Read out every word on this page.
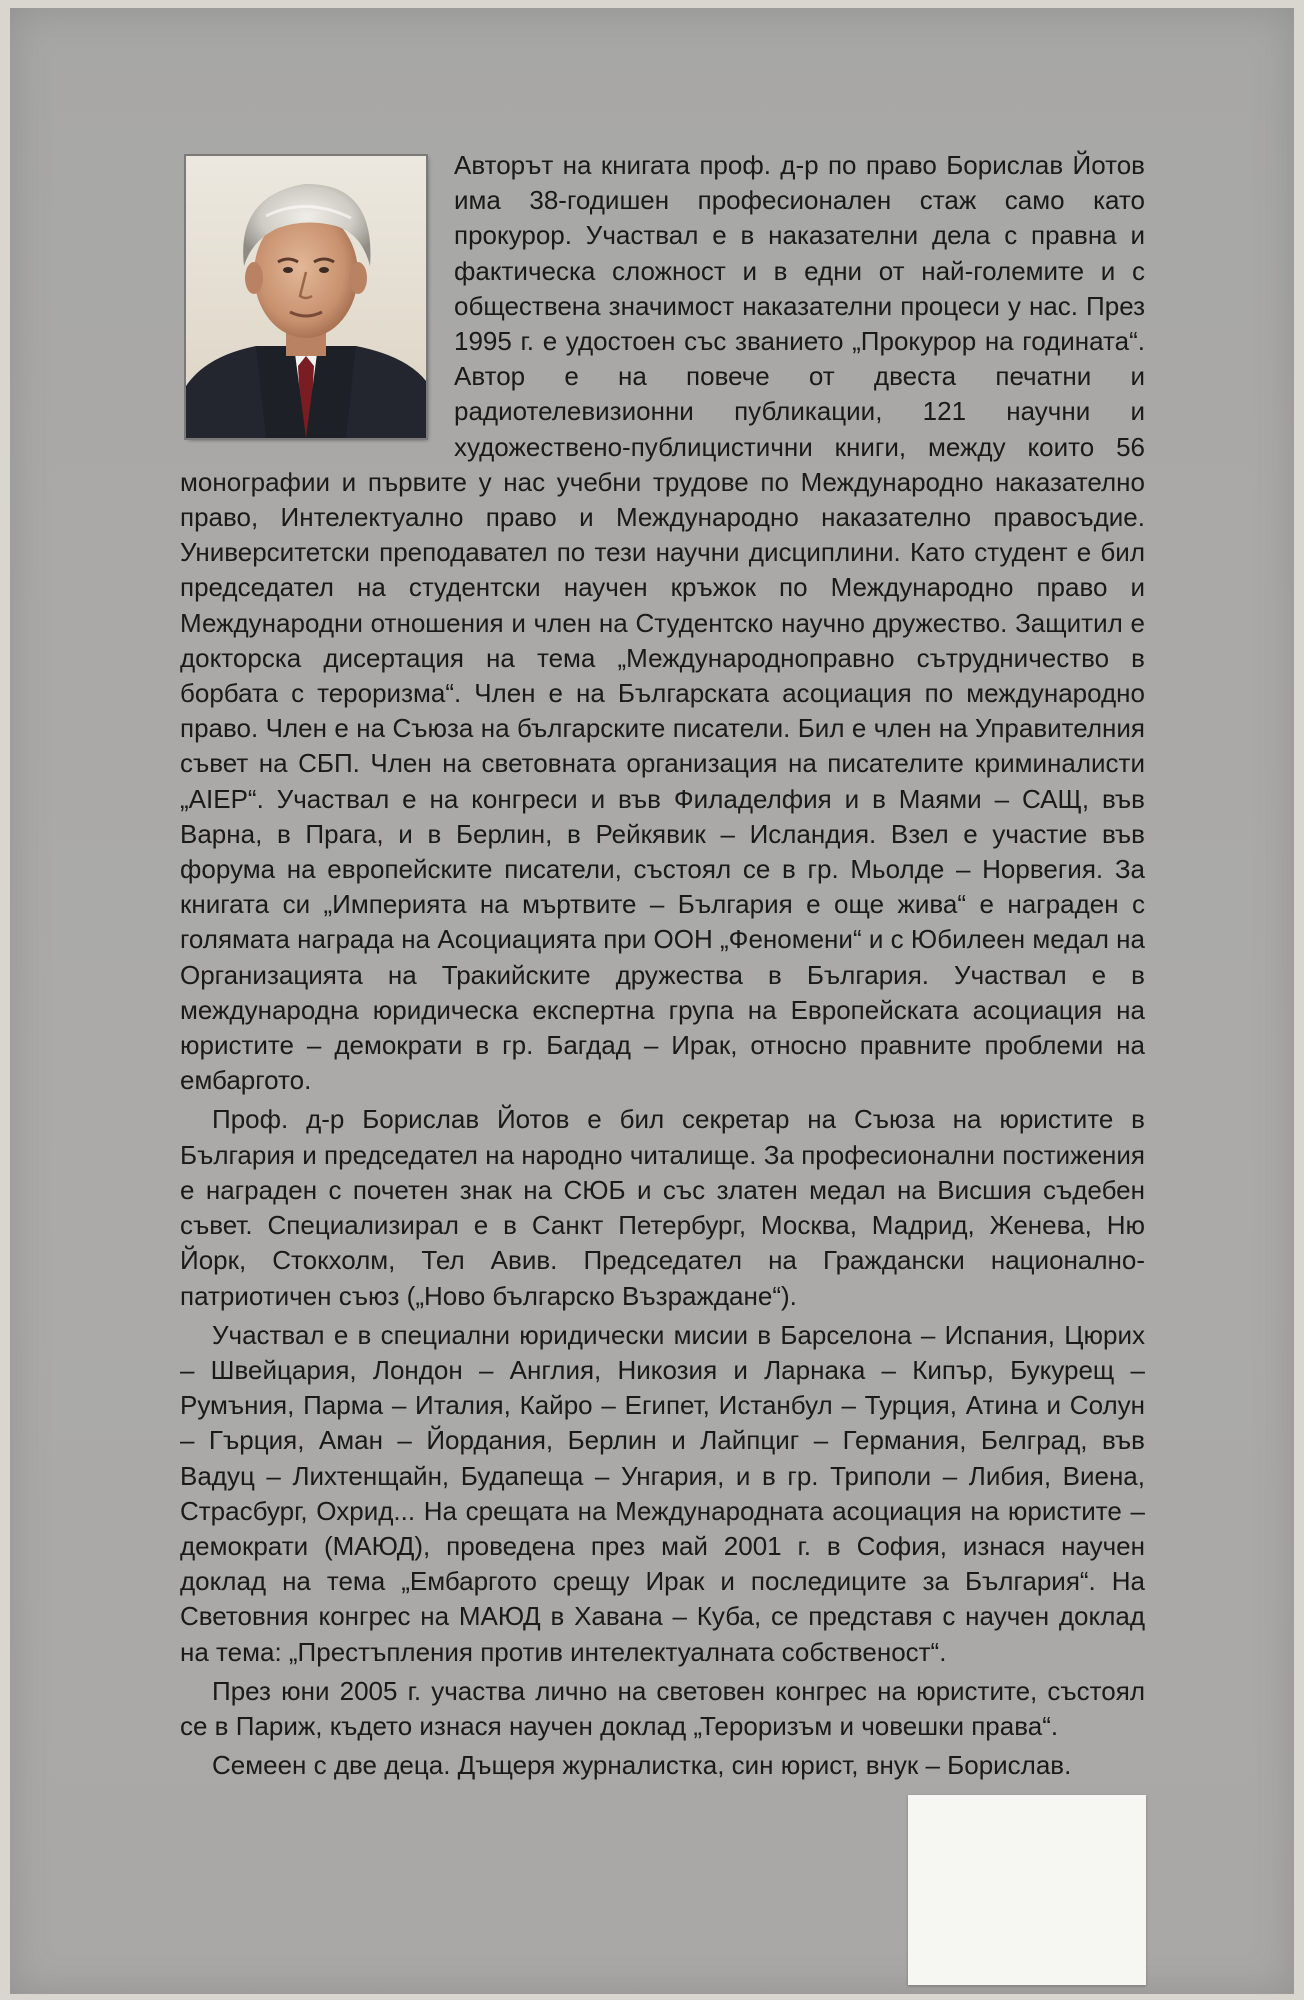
Авторът на книгата проф. д-р по право Борислав Йотов има 38-годишен професионален стаж само като прокурор. Участвал е в наказателни дела с правна и фактическа сложност и в едни от най-големите и с обществена значимост наказателни процеси у нас. През 1995 г. е удостоен със званието „Прокурор на годината“. Автор е на повече от двеста печатни и радиотелевизионни публикации, 121 научни и художествено-публицистични книги, между които 56 монографии и първите у нас учебни трудове по Международно наказателно право, Интелектуално право и Международно наказателно правосъдие. Университетски преподавател по тези научни дисциплини. Като студент е бил председател на студентски научен кръжок по Международно право и Международни отношения и член на Студентско научно дружество. Защитил е докторска дисертация на тема „Международноправно сътрудничество в борбата с тероризма“. Член е на Българската асоциация по международно право. Член е на Съюза на българските писатели. Бил е член на Управителния съвет на СБП. Член на световната организация на писателите криминалисти „AIEP“. Участвал е на конгреси и във Филаделфия и в Маями – САЩ, във Варна, в Прага, и в Берлин, в Рейкявик – Исландия. Взел е участие във форума на европейските писатели, състоял се в гр. Мьолде – Норвегия. За книгата си „Империята на мъртвите – България е още жива“ е награден с голямата награда на Асоциацията при ООН „Феномени“ и с Юбилеен медал на Организацията на Тракийските дружества в България. Участвал е в международна юридическа експертна група на Европейската асоциация на юристите – демократи в гр. Багдад – Ирак, относно правните проблеми на ембаргото.

Проф. д-р Борислав Йотов е бил секретар на Съюза на юристите в България и председател на народно читалище. За професионални постижения е награден с почетен знак на СЮБ и със златен медал на Висшия съдебен съвет. Специализирал е в Санкт Петербург, Москва, Мадрид, Женева, Ню Йорк, Стокхолм, Тел Авив. Председател на Граждански национално-патриотичен съюз („Ново българско Възраждане“).

Участвал е в специални юридически мисии в Барселона – Испания, Цюрих – Швейцария, Лондон – Англия, Никозия и Ларнака – Кипър, Букурещ – Румъния, Парма – Италия, Кайро – Египет, Истанбул – Турция, Атина и Солун – Гърция, Аман – Йордания, Берлин и Лайпциг – Германия, Белград, във Вадуц – Лихтенщайн, Будапеща – Унгария, и в гр. Триполи – Либия, Виена, Страсбург, Охрид... На срещата на Международната асоциация на юристите – демократи (МАЮД), проведена през май 2001 г. в София, изнася научен доклад на тема „Ембаргото срещу Ирак и последиците за България“. На Световния конгрес на МАЮД в Хавана – Куба, се представя с научен доклад на тема: „Престъпления против интелектуалната собственост“.

През юни 2005 г. участва лично на световен конгрес на юристите, състоял се в Париж, където изнася научен доклад „Тероризъм и човешки права“.

Семеен с две деца. Дъщеря журналистка, син юрист, внук – Борислав.
